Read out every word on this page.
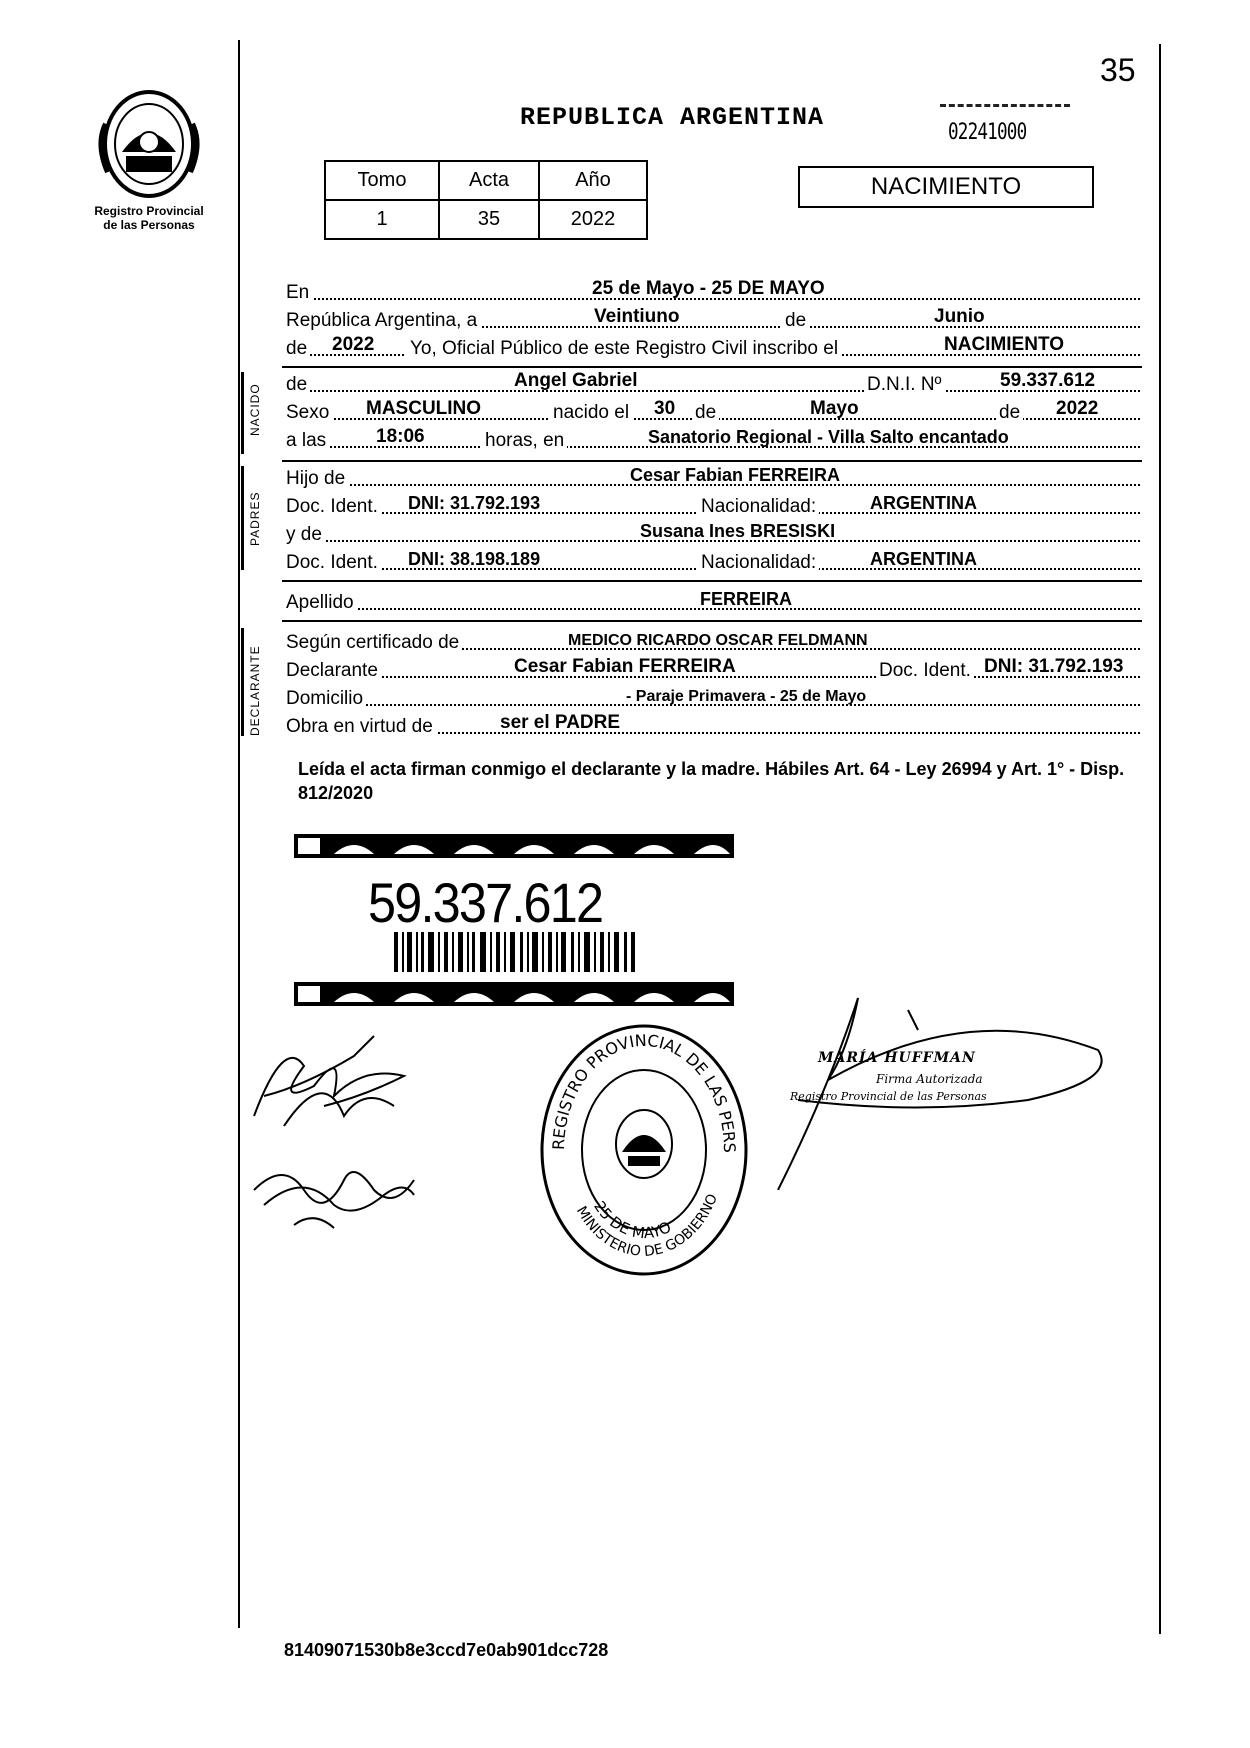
35
Registro Provincial
de las Personas
REPUBLICA ARGENTINA
02241000
Tomo	Acta	Año
1	35	2022
NACIMIENTO
En	25 de Mayo - 25 DE MAYO
República Argentina, a	Veintiuno	de	Junio
de 2022 Yo, Oficial Público de este Registro Civil inscribo el	NACIMIENTO
de	Angel Gabriel	D.N.I. Nº	59.337.612
Sexo MASCULINO	nacido el 30 de	Mayo	de 2022
a las	18:06	horas, en	Sanatorio Regional - Villa Salto encantado
Hijo de	Cesar Fabian FERREIRA
Doc. Ident. DNI: 31.792.193	Nacionalidad:	ARGENTINA
y de	Susana Ines BRESISKI
Doc. Ident. DNI: 38.198.189	Nacionalidad:	ARGENTINA
Apellido	FERREIRA
Según certificado de	MEDICO RICARDO OSCAR FELDMANN
Declarante	Cesar Fabian FERREIRA	Doc. Ident. DNI: 31.792.193
Domicilio	- Paraje Primavera - 25 de Mayo
Obra en virtud de	ser el PADRE
NACIDO
PADRES
DECLARANTE
Leída el acta firman conmigo el declarante y la madre. Hábiles Art. 64 - Ley 26994 y Art. 1° - Disp. 812/2020
59.337.612
REGISTRO PROVINCIAL DE LAS PERS
25 DE MAYO
MINISTERIO DE GOBIERNO
MARÍA HUFFMAN
Firma Autorizada
Registro Provincial de las Personas
81409071530b8e3ccd7e0ab901dcc728
